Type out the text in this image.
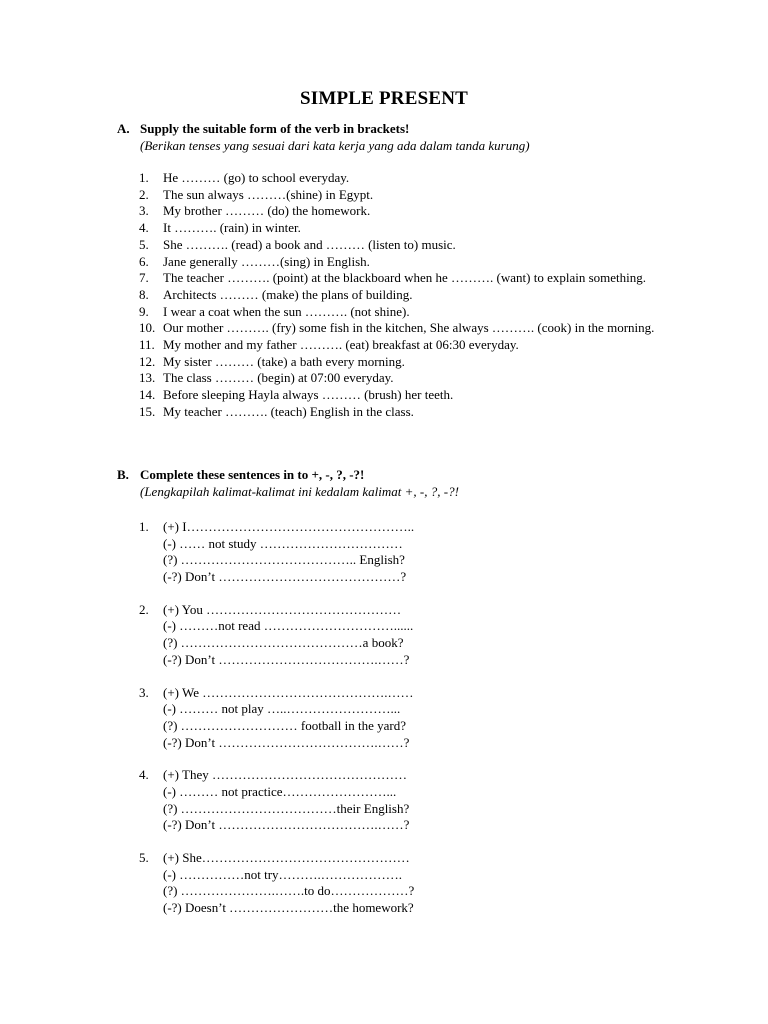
SIMPLE PRESENT
A. Supply the suitable form of the verb in brackets!
(Berikan tenses yang sesuai dari kata kerja yang ada dalam tanda kurung)
1. He ……… (go) to school everyday.
2. The sun always ………(shine) in Egypt.
3. My brother ……… (do) the homework.
4. It ………. (rain) in winter.
5. She ………. (read) a book and ……… (listen to) music.
6. Jane generally ………(sing) in English.
7. The teacher ………. (point) at the blackboard when he ………. (want) to explain something.
8. Architects ……… (make) the plans of building.
9. I wear a coat when the sun ………. (not shine).
10. Our mother ………. (fry) some fish in the kitchen, She always ………. (cook) in the morning.
11. My mother and my father ………. (eat) breakfast at 06:30 everyday.
12. My sister ……… (take) a bath every morning.
13. The class ……… (begin) at 07:00 everyday.
14. Before sleeping Hayla always ……… (brush) her teeth.
15. My teacher ………. (teach) English in the class.
B. Complete these sentences in to +, -, ?, -?!
(Lengkapilah kalimat-kalimat ini kedalam kalimat +, -, ?, -?!
1. (+) I……………………………………………..
(-) …… not study ……………………………
(?) ………………………………….. English?
(-?) Don’t ……………………………………?
2. (+) You ………………………………………
(-) ………not read …………………………......
(?) ……………………………………a book?
(-?) Don’t ……………………………….……?
3. (+) We …………………………………….……
(-) ……… not play …..……………………...
(?) ……………………… football in the yard?
(-?) Don’t ……………………………….……?
4. (+) They ………………………………………
(-) ……… not practice……………………...
(?) ………………………………their English?
(-?) Don’t ……………………………….……?
5. (+) She…………………………………………
(-) ……………not try……….……………….
(?) ………………….…….to do………………?
(-?) Doesn’t ……………………the homework?
